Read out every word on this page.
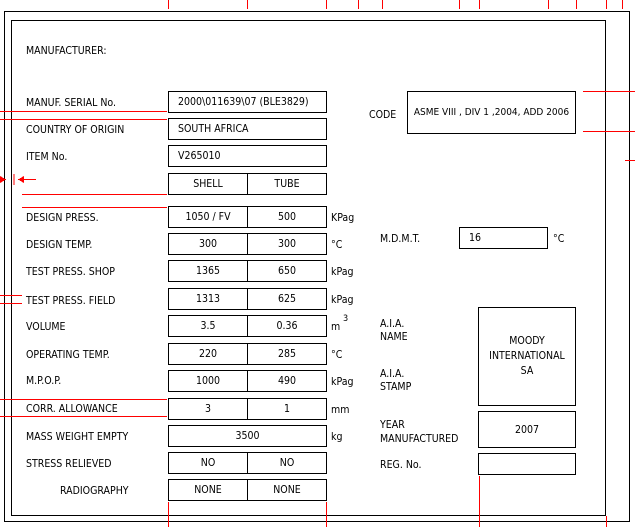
MANUFACTURER:
MANUF. SERIAL No.	2000\011639\07 (BLE3829)
COUNTRY OF ORIGIN	SOUTH AFRICA
ITEM No.	V265010
SHELL	TUBE
DESIGN PRESS.	1050 / FV	500	KPag
DESIGN TEMP.	300	300	°C
TEST PRESS. SHOP	1365	650	kPag
TEST PRESS. FIELD	1313	625	kPag
VOLUME	3.5	0.36	m
3
OPERATING TEMP.	220	285	°C
M.P.O.P.	1000	490	kPag
CORR. ALLOWANCE	3	1	mm
MASS WEIGHT EMPTY	3500	kg
STRESS RELIEVED	NO	NO
RADIOGRAPHY	NONE	NONE
CODE	ASME VIII , DIV 1 ,2004, ADD 2006
M.D.M.T.	16	°C
A.I.A.
NAME
A.I.A.
STAMP
MOODY INTERNATIONAL SA
YEAR
MANUFACTURED
2007
REG. No.
